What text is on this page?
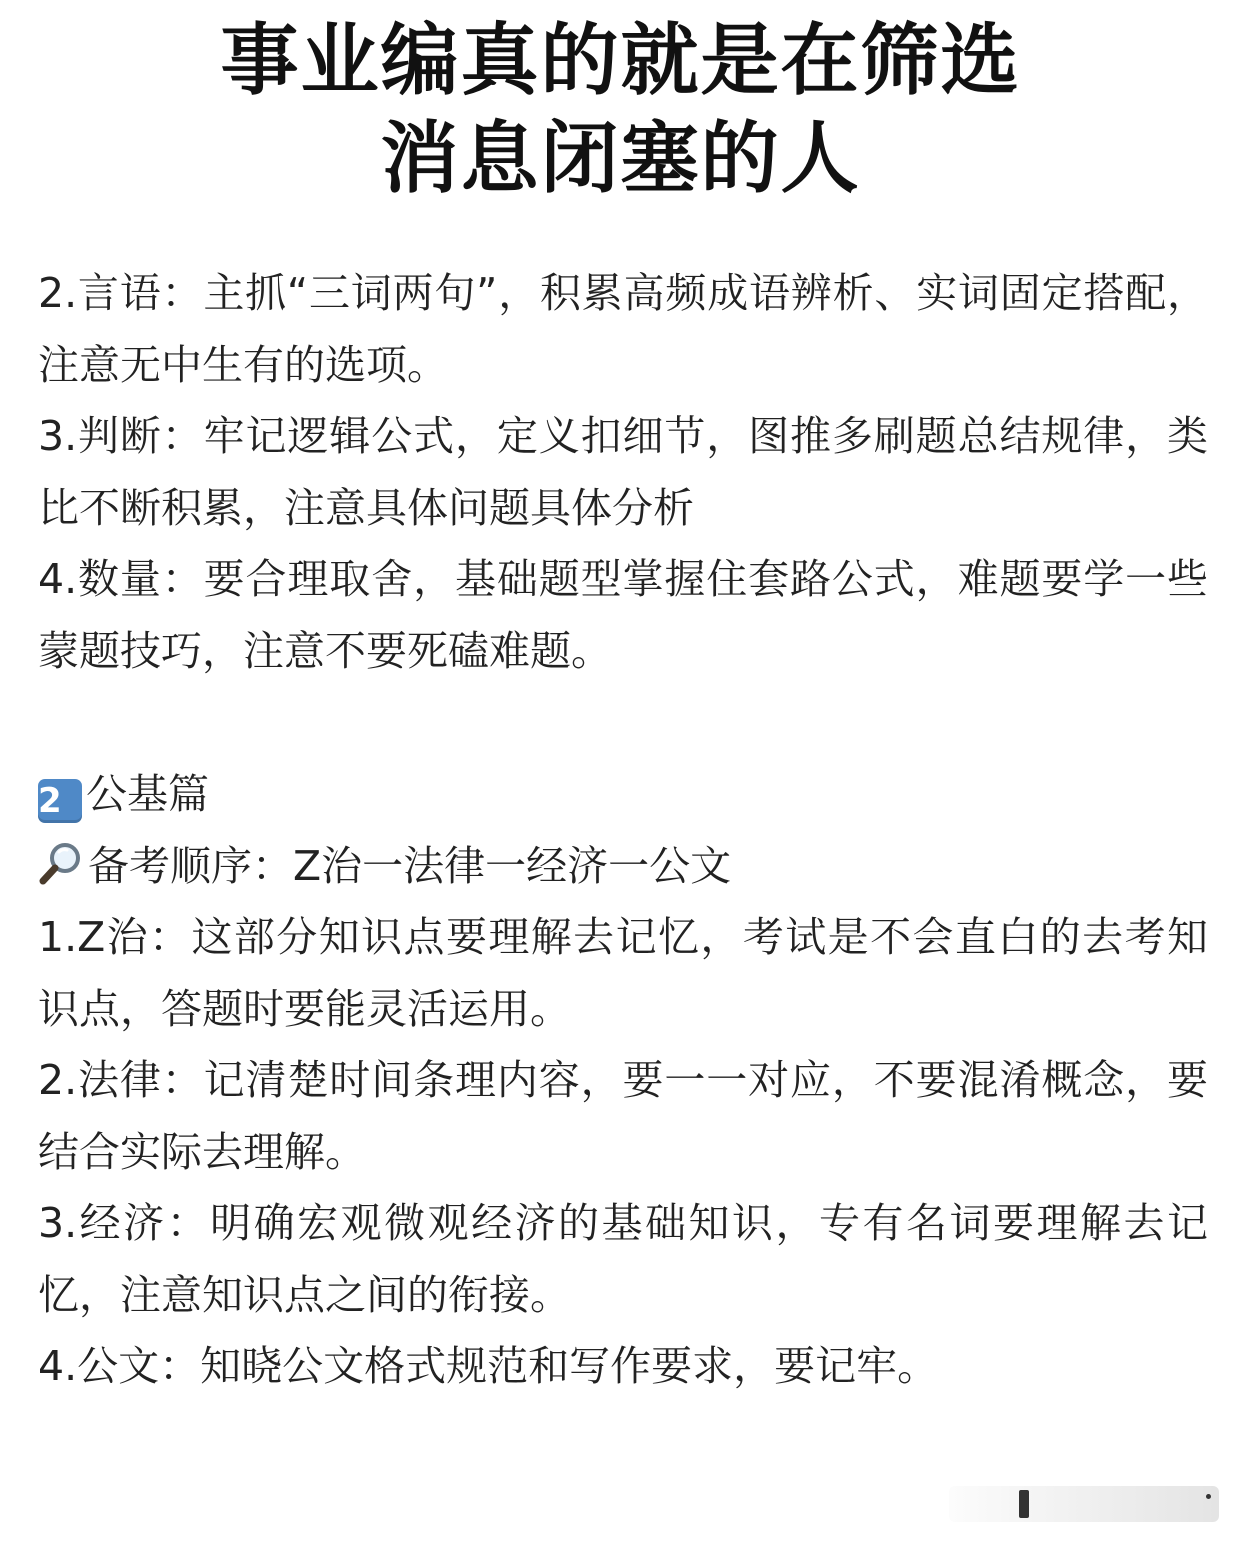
事业编真的就是在筛选
消息闭塞的人

2.言语：主抓“三词两句”，积累高频成语辨析、实词固定搭配，注意无中生有的选项。

3.判断：牢记逻辑公式，定义扣细节，图推多刷题总结规律，类比不断积累，注意具体问题具体分析

4.数量：要合理取舍，基础题型掌握住套路公式，难题要学一些蒙题技巧，注意不要死磕难题。

2 公基篇

备考顺序：Z治一法律一经济一公文

1.Z治：这部分知识点要理解去记忆，考试是不会直白的去考知识点，答题时要能灵活运用。

2.法律：记清楚时间条理内容，要一一对应，不要混淆概念，要结合实际去理解。

3.经济：明确宏观微观经济的基础知识，专有名词要理解去记忆，注意知识点之间的衔接。

4.公文：知晓公文格式规范和写作要求，要记牢。
